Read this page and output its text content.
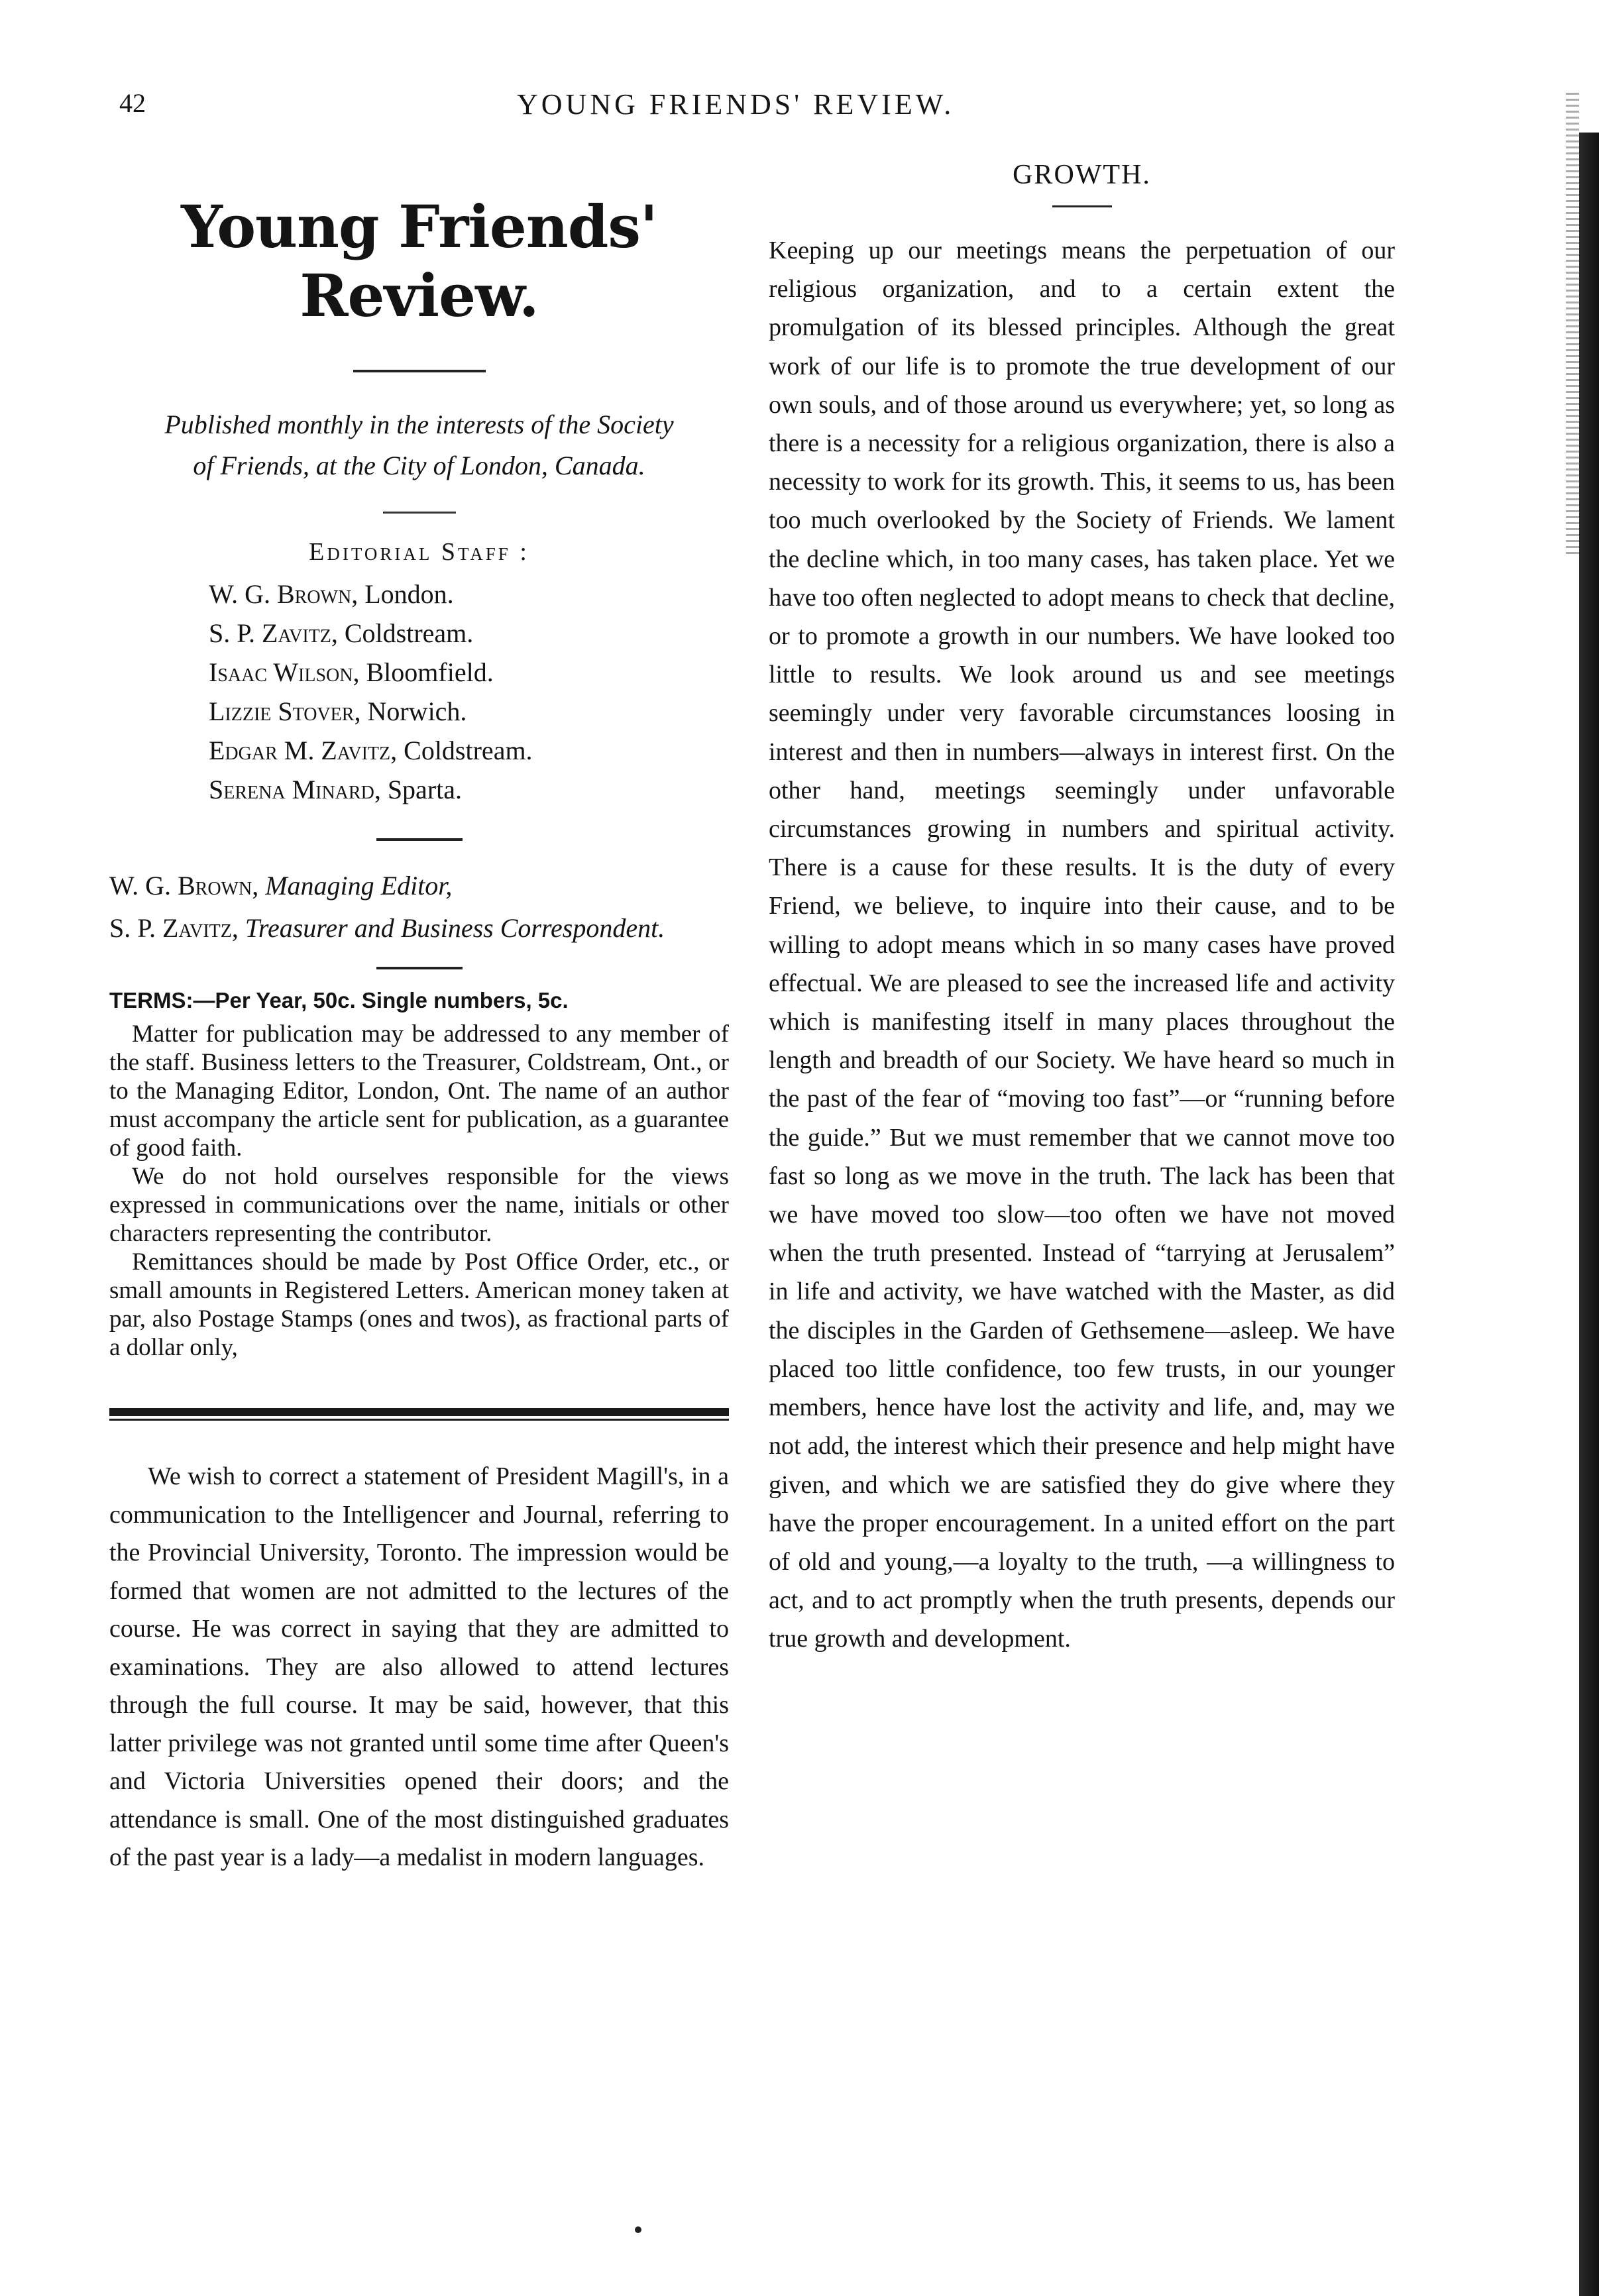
42	YOUNG FRIENDS' REVIEW.
Young Friends' Review.
Published monthly in the interests of the Society
of Friends, at the City of London, Canada.
Editorial Staff :
W. G. Brown, London.
S. P. Zavitz, Coldstream.
Isaac Wilson, Bloomfield.
Lizzie Stover, Norwich.
Edgar M. Zavitz, Coldstream.
Serena Minard, Sparta.
W. G. Brown, Managing Editor,
S. P. Zavitz, Treasurer and Business Correspondent.
TERMS:—Per Year, 50c. Single numbers, 5c.

Matter for publication may be addressed to any member of the staff. Business letters to the Treasurer, Coldstream, Ont., or to the Managing Editor, London, Ont. The name of an author must accompany the article sent for publication, as a guarantee of good faith.

We do not hold ourselves responsible for the views expressed in communications over the name, initials or other characters representing the contributor.

Remittances should be made by Post Office Order, etc., or small amounts in Registered Letters. American money taken at par, also Postage Stamps (ones and twos), as fractional parts of a dollar only,

We wish to correct a statement of President Magill's, in a communication to the Intelligencer and Journal, referring to the Provincial University, Toronto. The impression would be formed that women are not admitted to the lectures of the course. He was correct in saying that they are admitted to examinations. They are also allowed to attend lectures through the full course. It may be said, however, that this latter privilege was not granted until some time after Queen's and Victoria Universities opened their doors; and the attendance is small. One of the most distinguished graduates of the past year is a lady—a medalist in modern languages.

GROWTH.

Keeping up our meetings means the perpetuation of our religious organization, and to a certain extent the promulgation of its blessed principles. Although the great work of our life is to promote the true development of our own souls, and of those around us everywhere; yet, so long as there is a necessity for a religious organization, there is also a necessity to work for its growth. This, it seems to us, has been too much overlooked by the Society of Friends. We lament the decline which, in too many cases, has taken place. Yet we have too often neglected to adopt means to check that decline, or to promote a growth in our numbers. We have looked too little to results. We look around us and see meetings seemingly under very favorable circumstances loosing in interest and then in numbers—always in interest first. On the other hand, meetings seemingly under unfavorable circumstances growing in numbers and spiritual activity. There is a cause for these results. It is the duty of every Friend, we believe, to inquire into their cause, and to be willing to adopt means which in so many cases have proved effectual. We are pleased to see the increased life and activity which is manifesting itself in many places throughout the length and breadth of our Society. We have heard so much in the past of the fear of “moving too fast”—or “running before the guide.” But we must remember that we cannot move too fast so long as we move in the truth. The lack has been that we have moved too slow—too often we have not moved when the truth presented. Instead of “tarrying at Jerusalem” in life and activity, we have watched with the Master, as did the disciples in the Garden of Gethsemene—asleep. We have placed too little confidence, too few trusts, in our younger members, hence have lost the activity and life, and, may we not add, the interest which their presence and help might have given, and which we are satisfied they do give where they have the proper encouragement. In a united effort on the part of old and young,—a loyalty to the truth, —a willingness to act, and to act promptly when the truth presents, depends our true growth and development.
